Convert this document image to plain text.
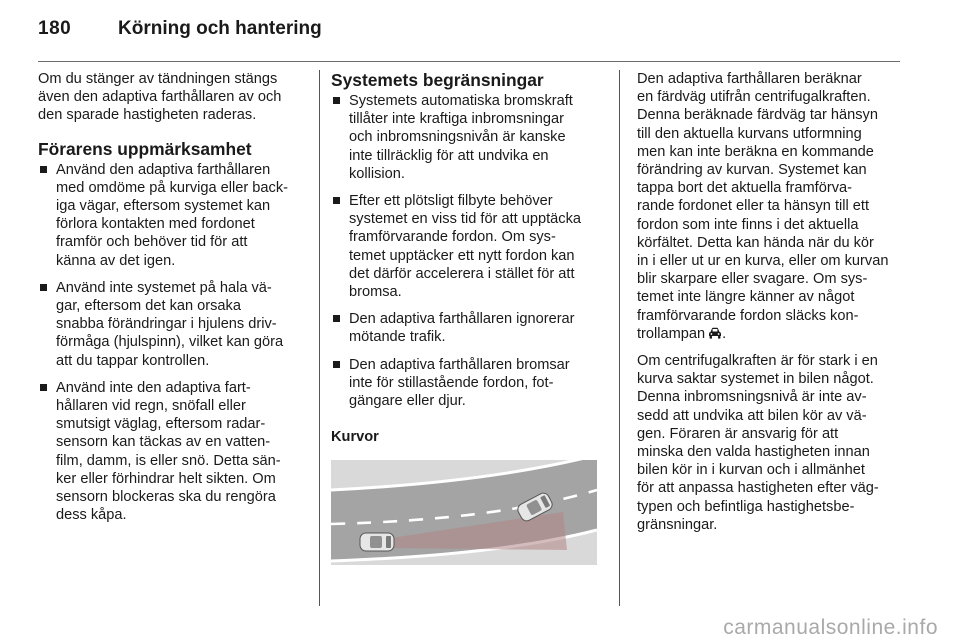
180 Körning och hantering

Om du stänger av tändningen stängs
även den adaptiva farthållaren av och
den sparade hastigheten raderas.

Förarens uppmärksamhet
Använd den adaptiva farthållaren
med omdöme på kurviga eller back-
iga vägar, eftersom systemet kan
förlora kontakten med fordonet
framför och behöver tid för att
känna av det igen.
Använd inte systemet på hala vä-
gar, eftersom det kan orsaka
snabba förändringar i hjulens driv-
förmåga (hjulspinn), vilket kan göra
att du tappar kontrollen.
Använd inte den adaptiva fart-
hållaren vid regn, snöfall eller
smutsigt väglag, eftersom radar-
sensorn kan täckas av en vatten-
film, damm, is eller snö. Detta sän-
ker eller förhindrar helt sikten. Om
sensorn blockeras ska du rengöra
dess kåpa.
Systemets begränsningar
Systemets automatiska bromskraft
tillåter inte kraftiga inbromsningar
och inbromsningsnivån är kanske
inte tillräcklig för att undvika en
kollision.
Efter ett plötsligt filbyte behöver
systemet en viss tid för att upptäcka
framförvarande fordon. Om sys-
temet upptäcker ett nytt fordon kan
det därför accelerera i stället för att
bromsa.
Den adaptiva farthållaren ignorerar
mötande trafik.
Den adaptiva farthållaren bromsar
inte för stillastående fordon, fot-
gängare eller djur.
Kurvor

Den adaptiva farthållaren beräknar
en färdväg utifrån centrifugalkraften.
Denna beräknade färdväg tar hänsyn
till den aktuella kurvans utformning
men kan inte beräkna en kommande
förändring av kurvan. Systemet kan
tappa bort det aktuella framförva-
rande fordonet eller ta hänsyn till ett
fordon som inte finns i det aktuella
körfältet. Detta kan hända när du kör
in i eller ut ur en kurva, eller om kurvan
blir skarpare eller svagare. Om sys-
temet inte längre känner av något
framförvarande fordon släcks kon-
trollampan .

Om centrifugalkraften är för stark i en
kurva saktar systemet in bilen något.
Denna inbromsningsnivå är inte av-
sedd att undvika att bilen kör av vä-
gen. Föraren är ansvarig för att
minska den valda hastigheten innan
bilen kör in i kurvan och i allmänhet
för att anpassa hastigheten efter väg-
typen och befintliga hastighetsbe-
gränsningar.

carmanualsonline.info
